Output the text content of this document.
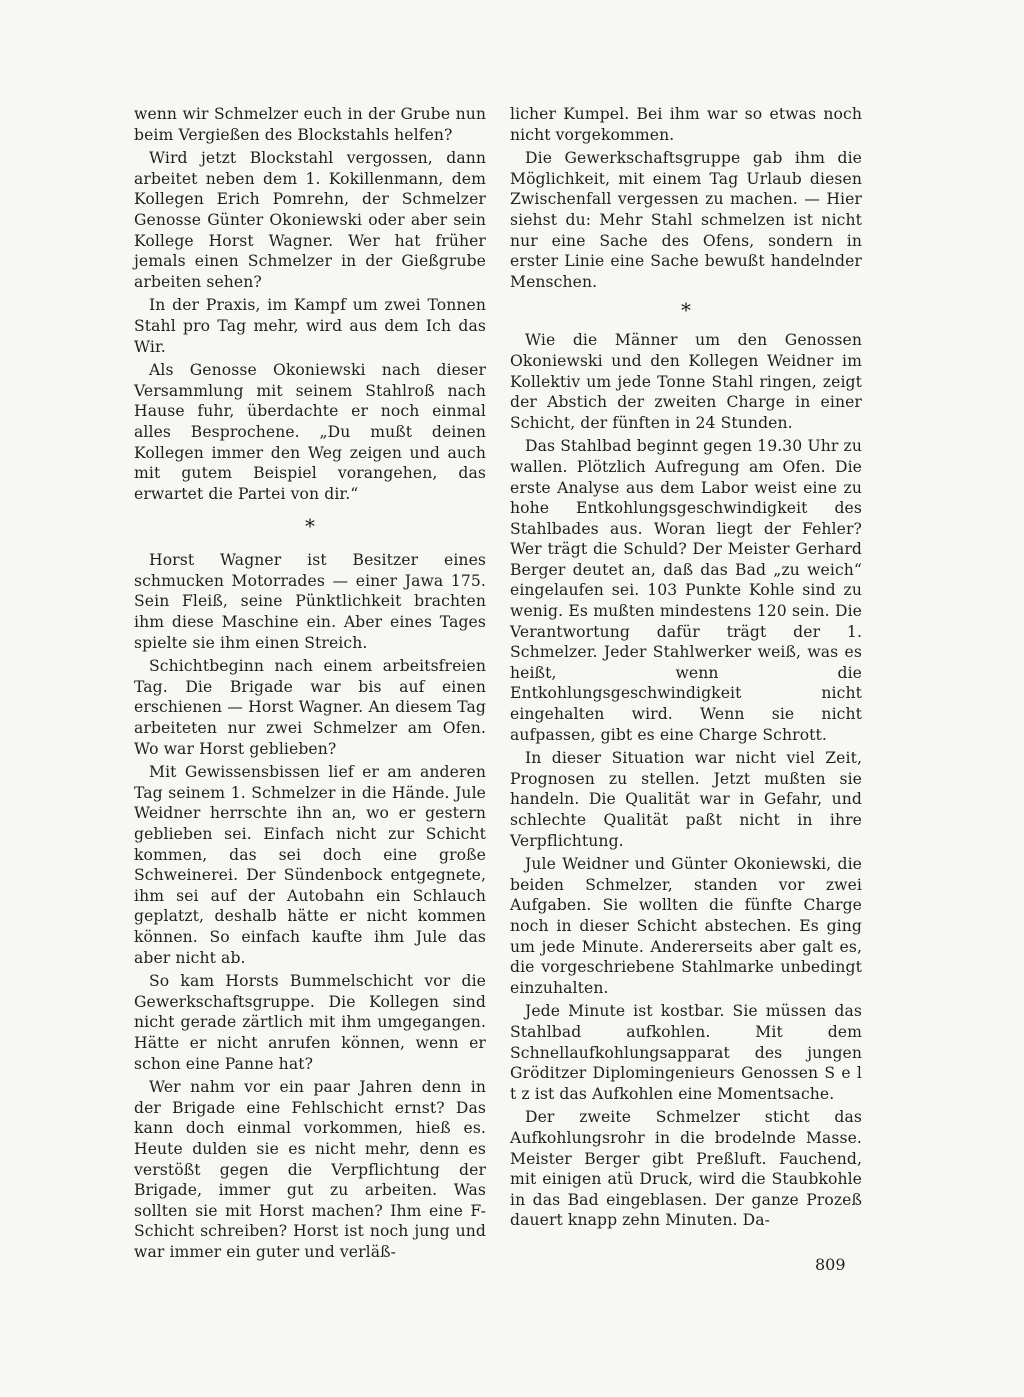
wenn wir Schmelzer euch in der Grube nun beim Vergießen des Blockstahls helfen?

Wird jetzt Blockstahl vergossen, dann arbeitet neben dem 1. Kokillenmann, dem Kollegen Erich Pomrehn, der Schmelzer Genosse Günter Okoniewski oder aber sein Kollege Horst Wagner. Wer hat früher jemals einen Schmelzer in der Gießgrube arbeiten sehen?

In der Praxis, im Kampf um zwei Tonnen Stahl pro Tag mehr, wird aus dem Ich das Wir.

Als Genosse Okoniewski nach dieser Versammlung mit seinem Stahlroß nach Hause fuhr, überdachte er noch einmal alles Besprochene. „Du mußt deinen Kollegen immer den Weg zeigen und auch mit gutem Beispiel vorangehen, das erwartet die Partei von dir.“

*

Horst Wagner ist Besitzer eines schmucken Motorrades — einer Jawa 175. Sein Fleiß, seine Pünktlichkeit brachten ihm diese Maschine ein. Aber eines Tages spielte sie ihm einen Streich.

Schichtbeginn nach einem arbeitsfreien Tag. Die Brigade war bis auf einen erschienen — Horst Wagner. An diesem Tag arbeiteten nur zwei Schmelzer am Ofen. Wo war Horst geblieben?

Mit Gewissensbissen lief er am anderen Tag seinem 1. Schmelzer in die Hände. Jule Weidner herrschte ihn an, wo er gestern geblieben sei. Einfach nicht zur Schicht kommen, das sei doch eine große Schweinerei. Der Sündenbock entgegnete, ihm sei auf der Autobahn ein Schlauch geplatzt, deshalb hätte er nicht kommen können. So einfach kaufte ihm Jule das aber nicht ab.

So kam Horsts Bummelschicht vor die Gewerkschaftsgruppe. Die Kollegen sind nicht gerade zärtlich mit ihm umgegangen. Hätte er nicht anrufen können, wenn er schon eine Panne hat?

Wer nahm vor ein paar Jahren denn in der Brigade eine Fehlschicht ernst? Das kann doch einmal vorkommen, hieß es. Heute dulden sie es nicht mehr, denn es verstößt gegen die Verpflichtung der Brigade, immer gut zu arbeiten. Was sollten sie mit Horst machen? Ihm eine F-Schicht schreiben? Horst ist noch jung und war immer ein guter und verläß-

licher Kumpel. Bei ihm war so etwas noch nicht vorgekommen.

Die Gewerkschaftsgruppe gab ihm die Möglichkeit, mit einem Tag Urlaub diesen Zwischenfall vergessen zu machen. — Hier siehst du: Mehr Stahl schmelzen ist nicht nur eine Sache des Ofens, sondern in erster Linie eine Sache bewußt handelnder Menschen.

*

Wie die Männer um den Genossen Okoniewski und den Kollegen Weidner im Kollektiv um jede Tonne Stahl ringen, zeigt der Abstich der zweiten Charge in einer Schicht, der fünften in 24 Stunden.

Das Stahlbad beginnt gegen 19.30 Uhr zu wallen. Plötzlich Aufregung am Ofen. Die erste Analyse aus dem Labor weist eine zu hohe Entkohlungsgeschwindigkeit des Stahlbades aus. Woran liegt der Fehler? Wer trägt die Schuld? Der Meister Gerhard Berger deutet an, daß das Bad „zu weich“ eingelaufen sei. 103 Punkte Kohle sind zu wenig. Es mußten mindestens 120 sein. Die Verantwortung dafür trägt der 1. Schmelzer. Jeder Stahlwerker weiß, was es heißt, wenn die Entkohlungsgeschwindigkeit nicht eingehalten wird. Wenn sie nicht aufpassen, gibt es eine Charge Schrott.

In dieser Situation war nicht viel Zeit, Prognosen zu stellen. Jetzt mußten sie handeln. Die Qualität war in Gefahr, und schlechte Qualität paßt nicht in ihre Verpflichtung.

Jule Weidner und Günter Okoniewski, die beiden Schmelzer, standen vor zwei Aufgaben. Sie wollten die fünfte Charge noch in dieser Schicht abstechen. Es ging um jede Minute. Andererseits aber galt es, die vorgeschriebene Stahlmarke unbedingt einzuhalten.

Jede Minute ist kostbar. Sie müssen das Stahlbad aufkohlen. Mit dem Schnellaufkohlungsapparat des jungen Gröditzer Diplomingenieurs Genossen S e l t z ist das Aufkohlen eine Momentsache.

Der zweite Schmelzer sticht das Aufkohlungsrohr in die brodelnde Masse. Meister Berger gibt Preßluft. Fauchend, mit einigen atü Druck, wird die Staubkohle in das Bad eingeblasen. Der ganze Prozeß dauert knapp zehn Minuten. Da-

809
